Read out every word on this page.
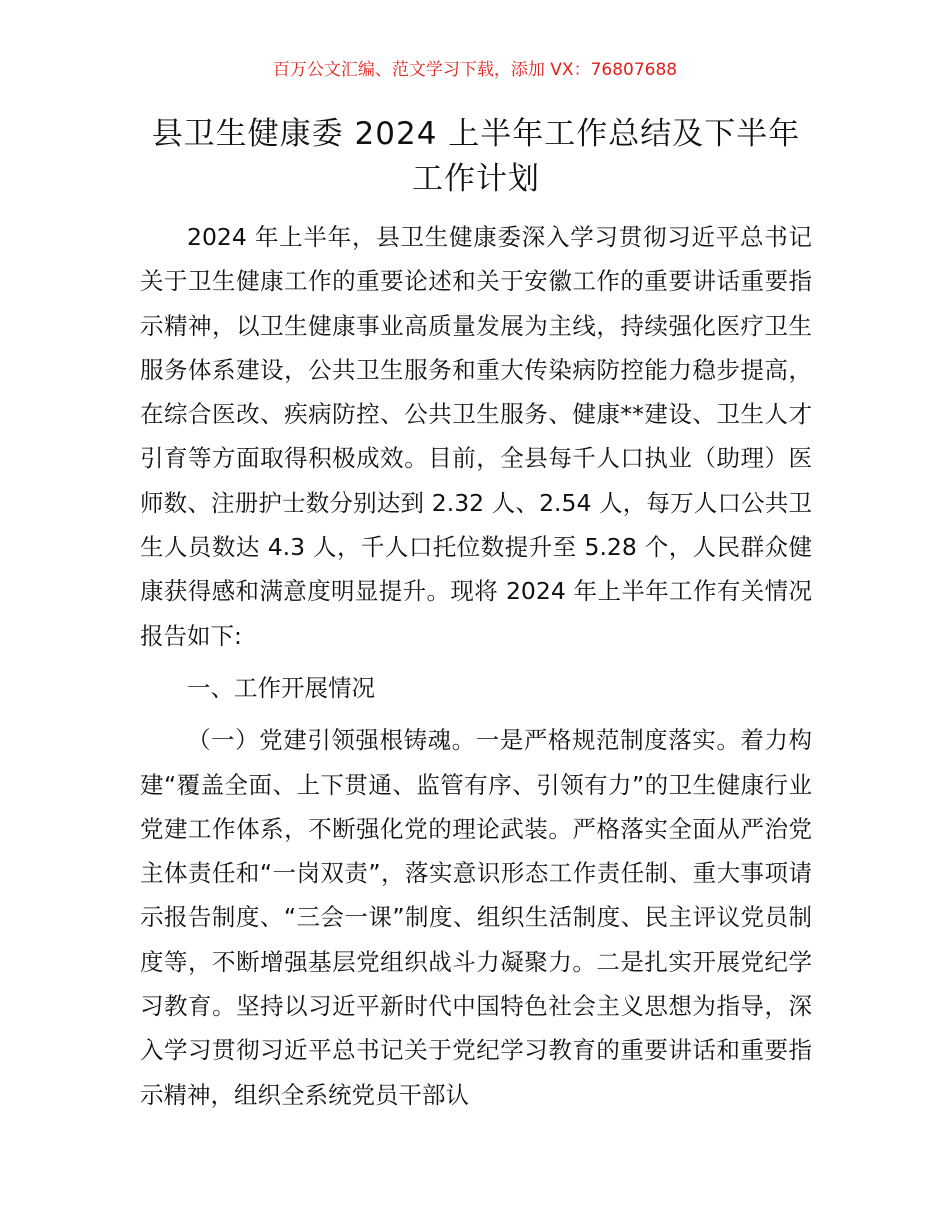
百万公文汇编、范文学习下载，添加 VX：76807688
县卫生健康委 2024 上半年工作总结及下半年工作计划

2024 年上半年，县卫生健康委深入学习贯彻习近平总书记关于卫生健康工作的重要论述和关于安徽工作的重要讲话重要指示精神，以卫生健康事业高质量发展为主线，持续强化医疗卫生服务体系建设，公共卫生服务和重大传染病防控能力稳步提高，在综合医改、疾病防控、公共卫生服务、健康**建设、卫生人才引育等方面取得积极成效。目前，全县每千人口执业（助理）医师数、注册护士数分别达到 2.32 人、2.54 人，每万人口公共卫生人员数达 4.3 人，千人口托位数提升至 5.28 个，人民群众健康获得感和满意度明显提升。现将 2024 年上半年工作有关情况报告如下:

一、工作开展情况

（一）党建引领强根铸魂。一是严格规范制度落实。着力构建“覆盖全面、上下贯通、监管有序、引领有力”的卫生健康行业党建工作体系，不断强化党的理论武装。严格落实全面从严治党主体责任和“一岗双责”，落实意识形态工作责任制、重大事项请示报告制度、“三会一课”制度、组织生活制度、民主评议党员制度等，不断增强基层党组织战斗力凝聚力。二是扎实开展党纪学习教育。坚持以习近平新时代中国特色社会主义思想为指导，深入学习贯彻习近平总书记关于党纪学习教育的重要讲话和重要指示精神，组织全系统党员干部认
